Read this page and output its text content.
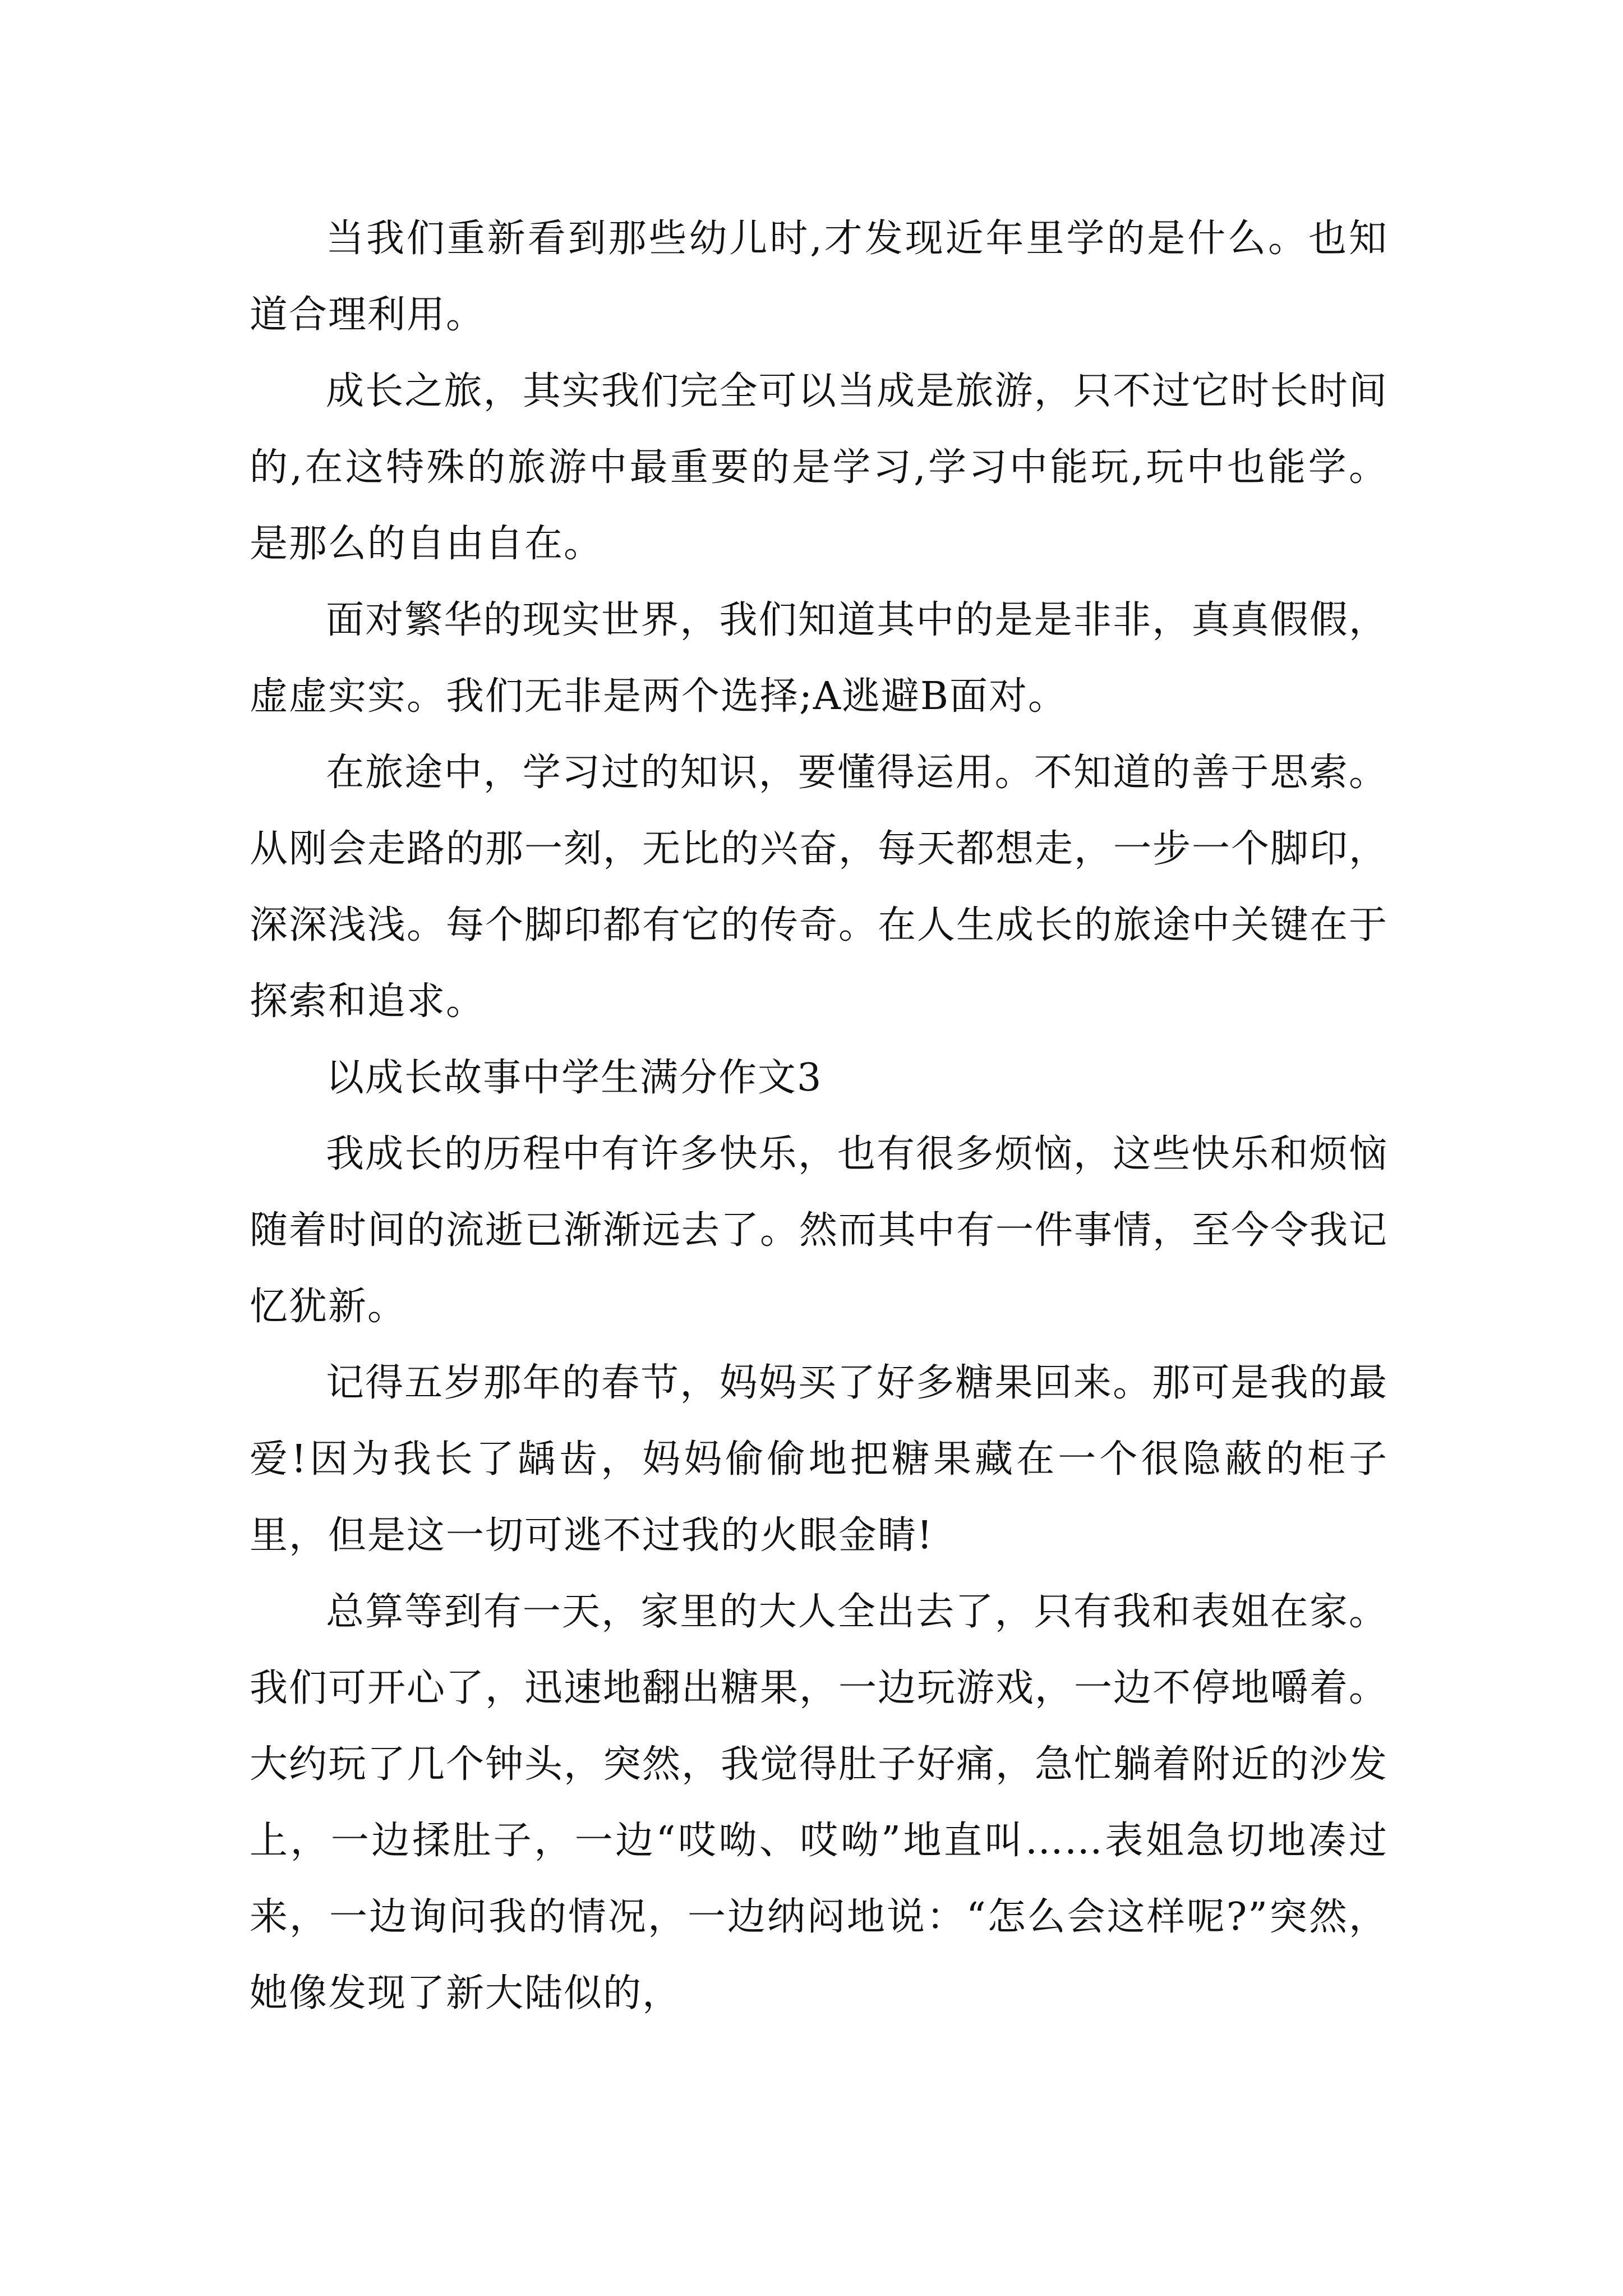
当我们重新看到那些幼儿时,才发现近年里学的是什么。也知道合理利用。

成长之旅，其实我们完全可以当成是旅游，只不过它时长时间的,在这特殊的旅游中最重要的是学习,学习中能玩,玩中也能学。是那么的自由自在。

面对繁华的现实世界，我们知道其中的是是非非，真真假假，虚虚实实。我们无非是两个选择;A逃避B面对。

在旅途中，学习过的知识，要懂得运用。不知道的善于思索。从刚会走路的那一刻，无比的兴奋，每天都想走，一步一个脚印，深深浅浅。每个脚印都有它的传奇。在人生成长的旅途中关键在于探索和追求。

以成长故事中学生满分作文3

我成长的历程中有许多快乐，也有很多烦恼，这些快乐和烦恼随着时间的流逝已渐渐远去了。然而其中有一件事情，至今令我记忆犹新。

记得五岁那年的春节，妈妈买了好多糖果回来。那可是我的最爱!因为我长了龋齿，妈妈偷偷地把糖果藏在一个很隐蔽的柜子里，但是这一切可逃不过我的火眼金睛!

总算等到有一天，家里的大人全出去了，只有我和表姐在家。我们可开心了，迅速地翻出糖果，一边玩游戏，一边不停地嚼着。大约玩了几个钟头，突然，我觉得肚子好痛，急忙躺着附近的沙发上，一边揉肚子，一边“哎呦、哎呦”地直叫……表姐急切地凑过来，一边询问我的情况，一边纳闷地说：“怎么会这样呢?”突然，她像发现了新大陆似的，
